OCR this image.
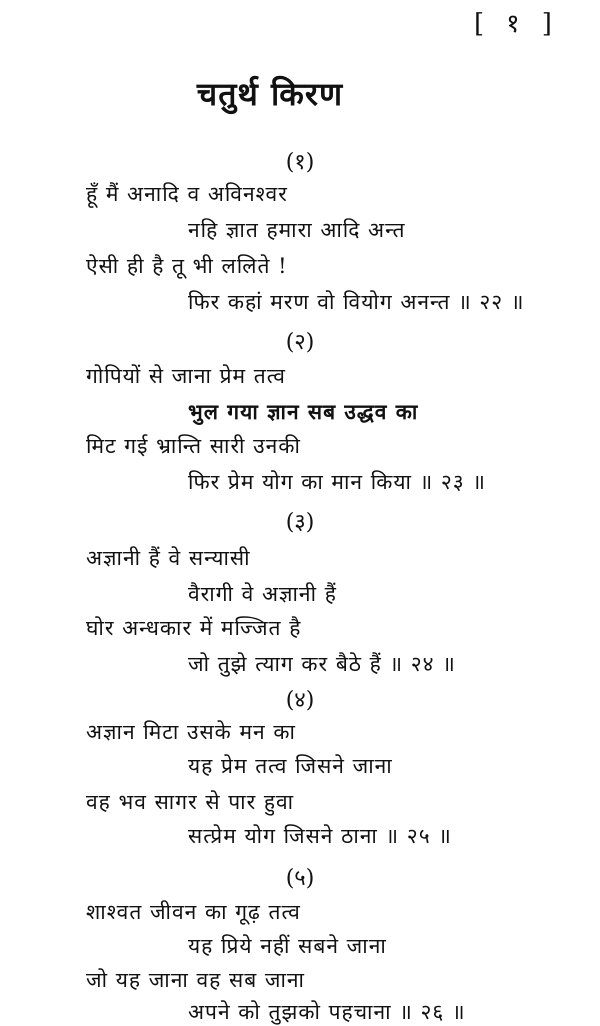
[ १ ]
चतुर्थ किरण
(१)
हूँ मैं अनादि व अविनश्वर
नहि ज्ञात हमारा आदि अन्त
ऐसी ही है तू भी ललिते !
फिर कहां मरण वो वियोग अनन्त ॥ २२ ॥
(२)
गोपियों से जाना प्रेम तत्व
भुल गया ज्ञान सब उद्धव का
मिट गई भ्रान्ति सारी उनकी
फिर प्रेम योग का मान किया ॥ २३ ॥
(३)
अज्ञानी हैं वे सन्यासी
वैरागी वे अज्ञानी हैं
घोर अन्धकार में मज्जित है
जो तुझे त्याग कर बैठे हैं ॥ २४ ॥
(४)
अज्ञान मिटा उसके मन का
यह प्रेम तत्व जिसने जाना
वह भव सागर से पार हुवा
सत्प्रेम योग जिसने ठाना ॥ २५ ॥
(५)
शाश्वत जीवन का गूढ़ तत्व
यह प्रिये नहीं सबने जाना
जो यह जाना वह सब जाना
अपने को तुझको पहचाना ॥ २६ ॥
